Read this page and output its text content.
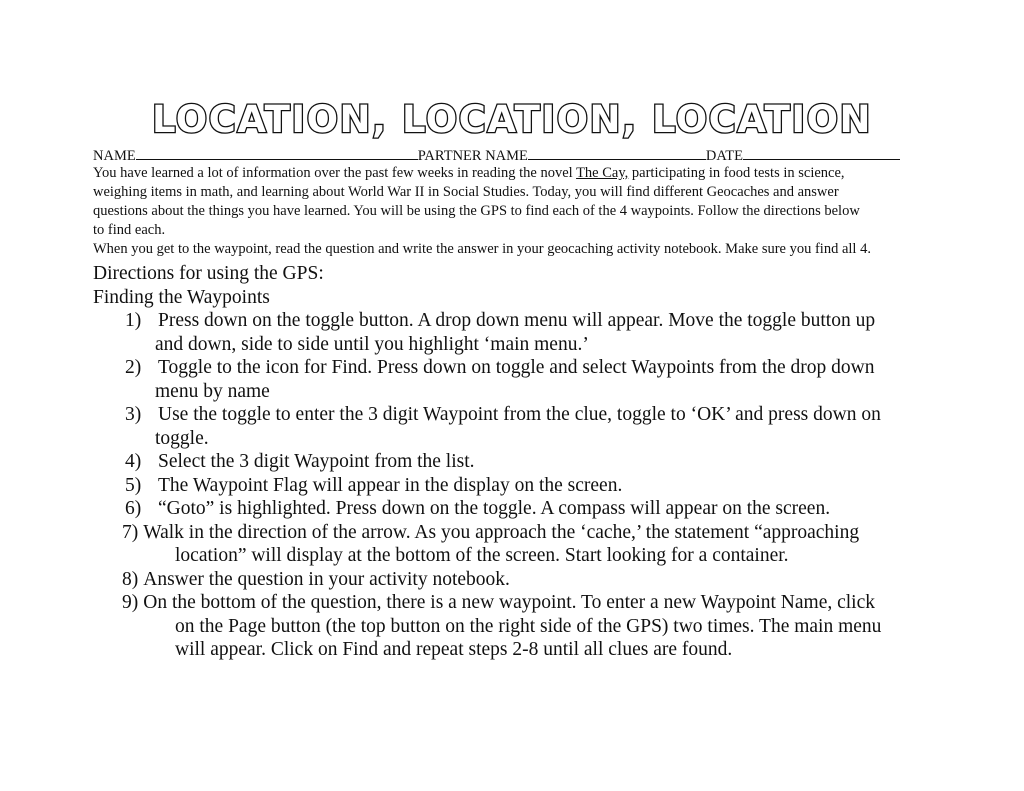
LOCATION, LOCATION, LOCATION
NAME	PARTNER NAME	DATE

You have learned a lot of information over the past few weeks in reading the novel The Cay, participating in food tests in science,

weighing items in math, and learning about World War II in Social Studies. Today, you will find different Geocaches and answer

questions about the things you have learned. You will be using the GPS to find each of the 4 waypoints. Follow the directions below

to find each.

When you get to the waypoint, read the question and write the answer in your geocaching activity notebook. Make sure you find all 4.

Directions for using the GPS:
Finding the Waypoints
1) Press down on the toggle button. A drop down menu will appear. Move the toggle button up
and down, side to side until you highlight ‘main menu.’
2) Toggle to the icon for Find. Press down on toggle and select Waypoints from the drop down
menu by name
3) Use the toggle to enter the 3 digit Waypoint from the clue, toggle to ‘OK’ and press down on
toggle.
4) Select the 3 digit Waypoint from the list.
5) The Waypoint Flag will appear in the display on the screen.
6) “Goto” is highlighted. Press down on the toggle. A compass will appear on the screen.
7) Walk in the direction of the arrow. As you approach the ‘cache,’ the statement “approaching
location” will display at the bottom of the screen. Start looking for a container.
8) Answer the question in your activity notebook.
9) On the bottom of the question, there is a new waypoint. To enter a new Waypoint Name, click
on the Page button (the top button on the right side of the GPS) two times. The main menu
will appear. Click on Find and repeat steps 2-8 until all clues are found.
